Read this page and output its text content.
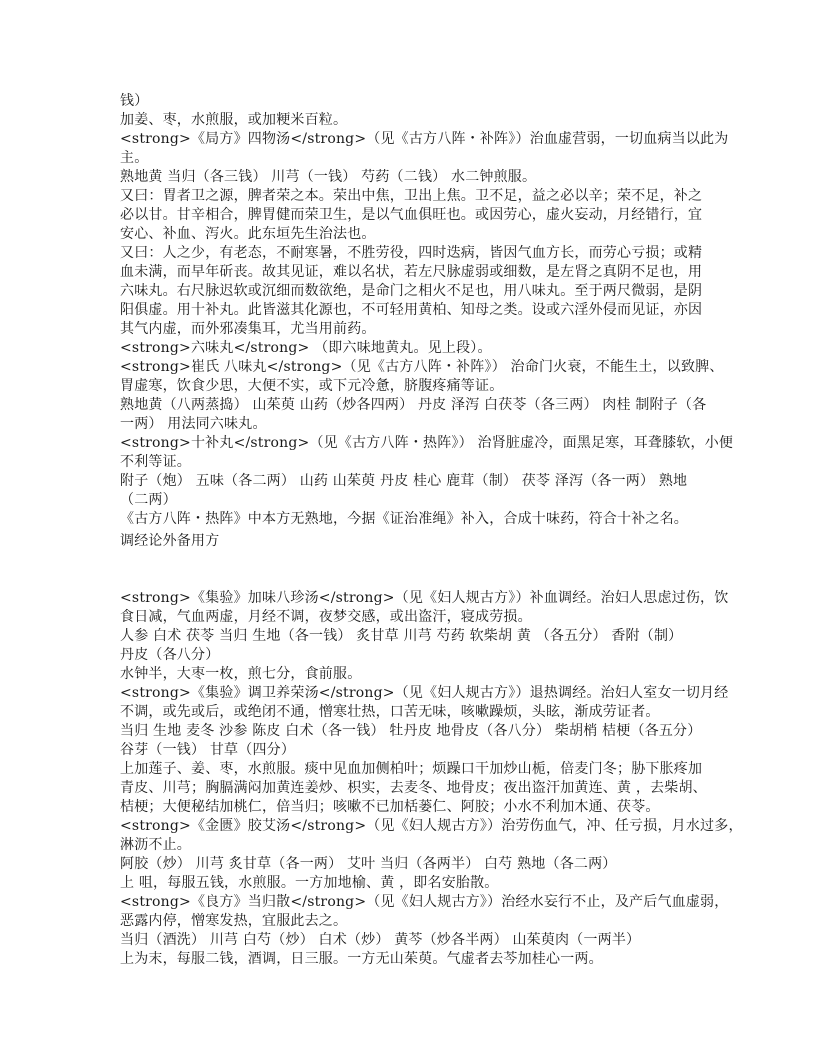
钱）
加姜、枣，水煎服，或加粳米百粒。
<strong>《局方》四物汤</strong>（见《古方八阵・补阵》）治血虚营弱，一切血病当以此为
主。
熟地黄 当归（各三钱） 川芎（一钱） 芍药（二钱） 水二钟煎服。
又曰：胃者卫之源，脾者荣之本。荣出中焦，卫出上焦。卫不足，益之必以辛；荣不足，补之
必以甘。甘辛相合，脾胃健而荣卫生，是以气血俱旺也。或因劳心，虚火妄动，月经错行，宜
安心、补血、泻火。此东垣先生治法也。
又曰：人之少，有老态，不耐寒暑，不胜劳役，四时迭病，皆因气血方长，而劳心亏损；或精
血未满，而早年斫丧。故其见证，难以名状，若左尺脉虚弱或细数，是左肾之真阴不足也，用
六味丸。右尺脉迟软或沉细而数欲绝，是命门之相火不足也，用八味丸。至于两尺微弱，是阴
阳俱虚。用十补丸。此皆滋其化源也，不可轻用黄柏、知母之类。设或六淫外侵而见证，亦因
其气内虚，而外邪凑集耳，尤当用前药。
<strong>六味丸</strong> （即六味地黄丸。见上段）。
<strong>崔氏 八味丸</strong>（见《古方八阵・补阵》） 治命门火衰，不能生土，以致脾、
胃虚寒，饮食少思，大便不实，或下元冷惫，脐腹疼痛等证。
熟地黄（八两蒸捣） 山茱萸 山药（炒各四两） 丹皮 泽泻 白茯苓（各三两） 肉桂 制附子（各
一两） 用法同六味丸。
<strong>十补丸</strong>（见《古方八阵・热阵》） 治肾脏虚冷，面黑足寒，耳聋膝软，小便
不利等证。
附子（炮） 五味（各二两） 山药 山茱萸 丹皮 桂心 鹿茸（制） 茯苓 泽泻（各一两） 熟地
（二两）
《古方八阵・热阵》中本方无熟地，今据《证治准绳》补入，合成十味药，符合十补之名。
调经论外备用方
<strong>《集验》加味八珍汤</strong>（见《妇人规古方》）补血调经。治妇人思虑过伤，饮
食日减，气血两虚，月经不调，夜梦交感，或出盗汗，寝成劳损。
人参 白术 茯苓 当归 生地（各一钱） 炙甘草 川芎 芍药 软柴胡 黄 （各五分） 香附（制）
丹皮（各八分）
水钟半，大枣一枚，煎七分，食前服。
<strong>《集验》调卫养荣汤</strong>（见《妇人规古方》）退热调经。治妇人室女一切月经
不调，或先或后，或绝闭不通，憎寒壮热，口苦无味，咳嗽躁烦，头眩，渐成劳证者。
当归 生地 麦冬 沙参 陈皮 白术（各一钱） 牡丹皮 地骨皮（各八分） 柴胡梢 桔梗（各五分）
谷芽（一钱） 甘草（四分）
上加莲子、姜、枣，水煎服。痰中见血加侧柏叶；烦躁口干加炒山栀，倍麦门冬；胁下胀疼加
青皮、川芎；胸膈满闷加黄连姜炒、枳实，去麦冬、地骨皮；夜出盗汗加黄连、黄 ，去柴胡、
桔梗；大便秘结加桃仁，倍当归；咳嗽不已加栝蒌仁、阿胶；小水不利加木通、茯苓。
<strong>《金匮》胶艾汤</strong>（见《妇人规古方》）治劳伤血气，冲、任亏损，月水过多，
淋沥不止。
阿胶（炒） 川芎 炙甘草（各一两） 艾叶 当归（各两半） 白芍 熟地（各二两）
上 咀，每服五钱，水煎服。一方加地榆、黄 ，即名安胎散。
<strong>《良方》当归散</strong>（见《妇人规古方》）治经水妄行不止，及产后气血虚弱，
恶露内停，憎寒发热，宜服此去之。
当归（酒洗） 川芎 白芍（炒） 白术（炒） 黄芩（炒各半两） 山茱萸肉（一两半）
上为末，每服二钱，酒调，日三服。一方无山茱萸。气虚者去芩加桂心一两。
